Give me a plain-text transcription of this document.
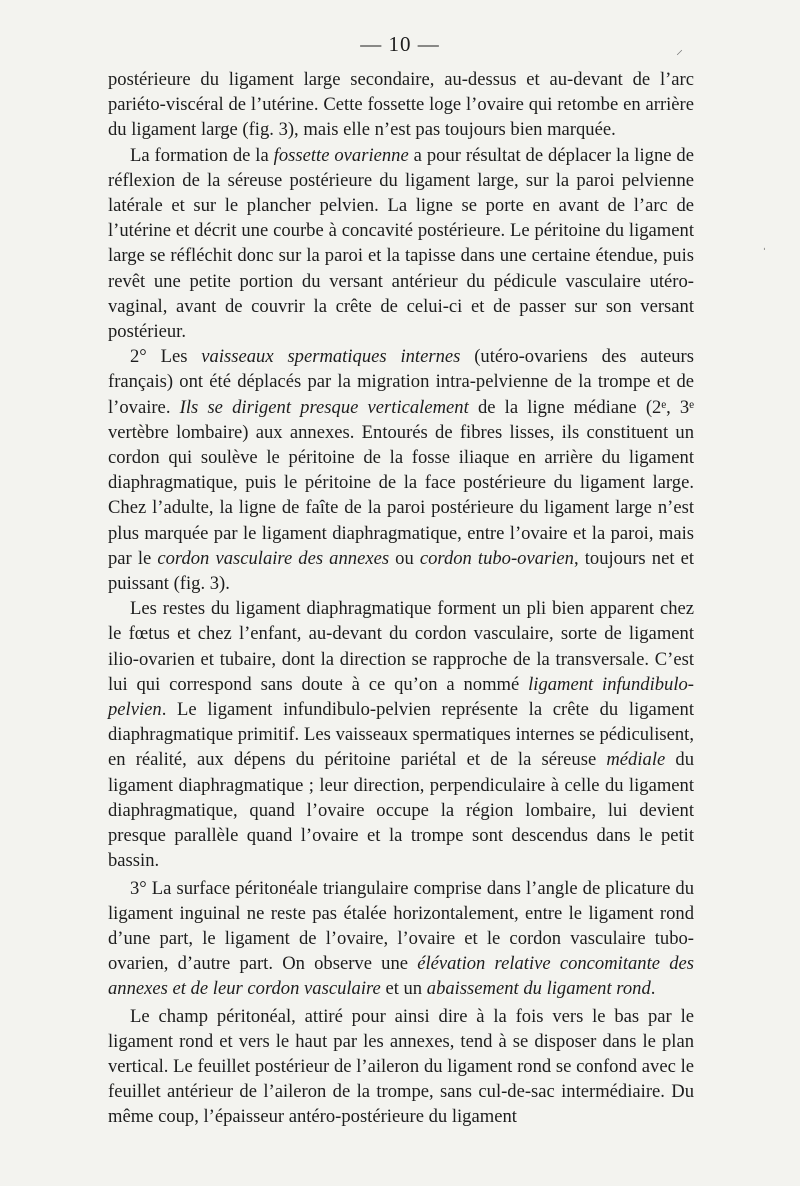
— 10 —	⸝
ˌ

postérieure du ligament large secondaire, au-dessus et au-devant de l’arc pariéto-viscéral de l’utérine. Cette fossette loge l’ovaire qui retombe en arrière du ligament large (fig. 3), mais elle n’est pas toujours bien marquée.

La formation de la fossette ovarienne a pour résultat de déplacer la ligne de réflexion de la séreuse postérieure du ligament large, sur la paroi pelvienne latérale et sur le plancher pelvien. La ligne se porte en avant de l’arc de l’utérine et décrit une courbe à concavité postérieure. Le péritoine du ligament large se réfléchit donc sur la paroi et la tapisse dans une certaine étendue, puis revêt une petite portion du versant antérieur du pédicule vasculaire utéro-vaginal, avant de couvrir la crête de celui-ci et de passer sur son versant postérieur.

2° Les vaisseaux spermatiques internes (utéro-ovariens des auteurs français) ont été déplacés par la migration intra-pelvienne de la trompe et de l’ovaire. Ils se dirigent presque verticalement de la ligne médiane (2ᵉ, 3ᵉ vertèbre lombaire) aux annexes. Entourés de fibres lisses, ils constituent un cordon qui soulève le péritoine de la fosse iliaque en arrière du ligament diaphragmatique, puis le péritoine de la face postérieure du ligament large. Chez l’adulte, la ligne de faîte de la paroi postérieure du ligament large n’est plus marquée par le ligament diaphragmatique, entre l’ovaire et la paroi, mais par le cordon vasculaire des annexes ou cordon tubo-ovarien, toujours net et puissant (fig. 3).

Les restes du ligament diaphragmatique forment un pli bien apparent chez le fœtus et chez l’enfant, au-devant du cordon vasculaire, sorte de ligament ilio-ovarien et tubaire, dont la direction se rapproche de la transversale. C’est lui qui correspond sans doute à ce qu’on a nommé ligament infundibulo-pelvien. Le ligament infundibulo-pelvien représente la crête du ligament diaphragmatique primitif. Les vaisseaux spermatiques internes se pédiculisent, en réalité, aux dépens du péritoine pariétal et de la séreuse médiale du ligament diaphragmatique ; leur direction, perpendiculaire à celle du ligament diaphragmatique, quand l’ovaire occupe la région lombaire, lui devient presque parallèle quand l’ovaire et la trompe sont descendus dans le petit bassin.

3° La surface péritonéale triangulaire comprise dans l’angle de plicature du ligament inguinal ne reste pas étalée horizontalement, entre le ligament rond d’une part, le ligament de l’ovaire, l’ovaire et le cordon vasculaire tubo-ovarien, d’autre part. On observe une élévation relative concomitante des annexes et de leur cordon vasculaire et un abaissement du ligament rond.

Le champ péritonéal, attiré pour ainsi dire à la fois vers le bas par le ligament rond et vers le haut par les annexes, tend à se disposer dans le plan vertical. Le feuillet postérieur de l’aileron du ligament rond se confond avec le feuillet antérieur de l’aileron de la trompe, sans cul-de-sac intermédiaire. Du même coup, l’épaisseur antéro-postérieure du ligament
